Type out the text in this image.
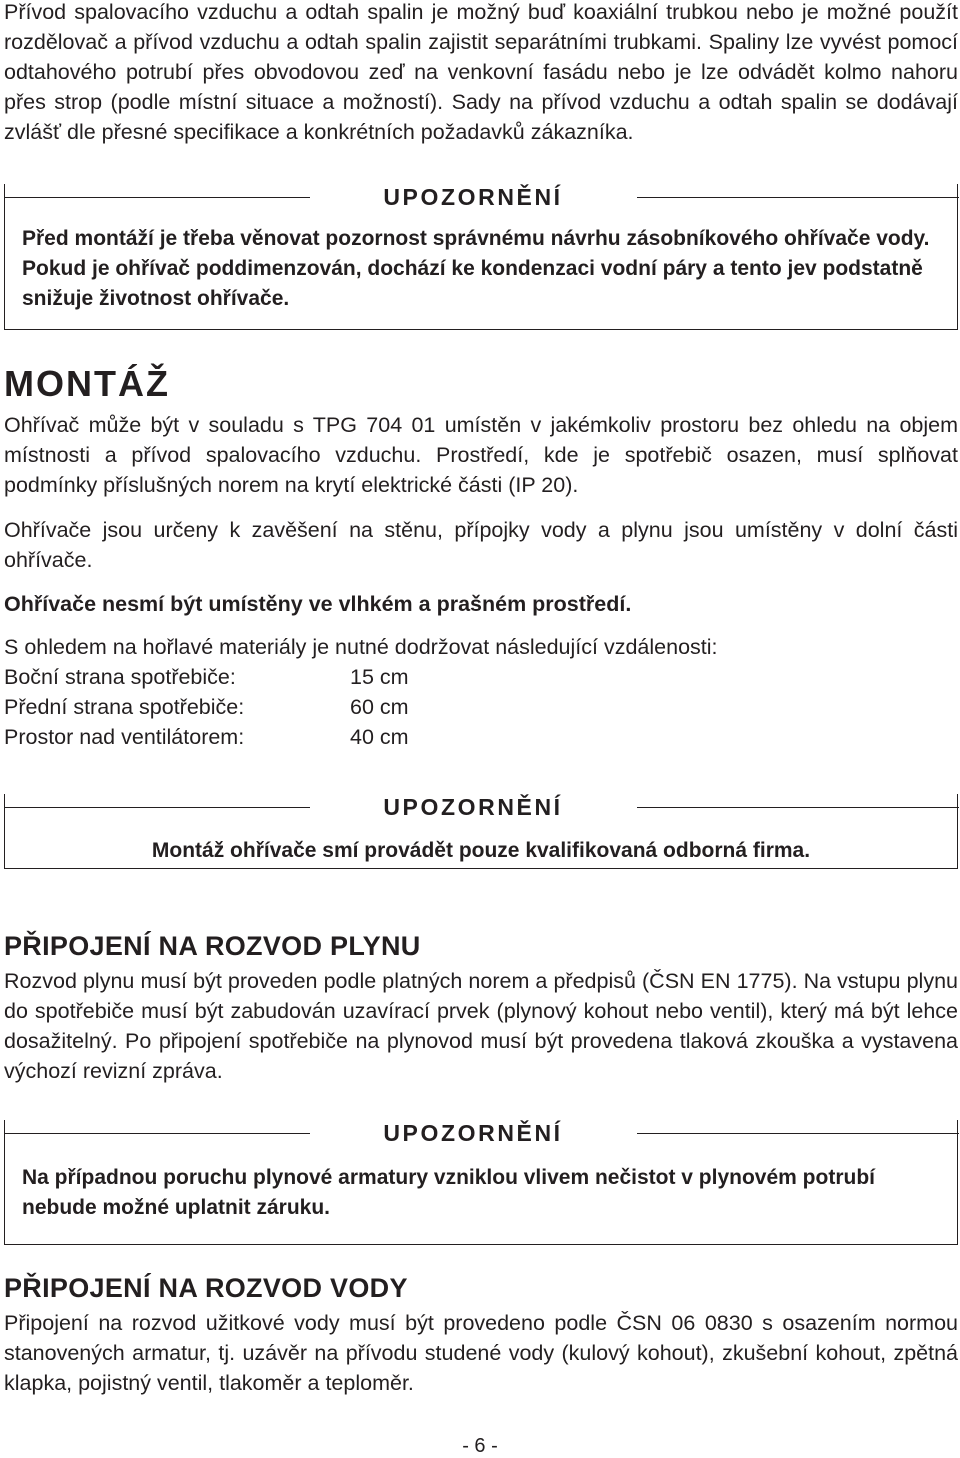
Přívod spalovacího vzduchu a odtah spalin je možný buď koaxiální trubkou nebo je možné použít rozdělovač a přívod vzduchu a odtah spalin zajistit separátními trubkami. Spaliny lze vyvést pomocí odtahového potrubí přes obvodovou zeď na venkovní fasádu nebo je lze odvádět kolmo nahoru přes strop (podle místní situace a možností). Sady na přívod vzduchu a odtah spalin se dodávají zvlášť dle přesné specifikace a konkrétních požadavků zákazníka.

UPOZORNĚNÍ

Před montáží je třeba věnovat pozornost správnému návrhu zásobníkového ohřívače vody. Pokud je ohřívač poddimenzován, dochází ke kondenzaci vodní páry a tento jev podstatně snižuje životnost ohřívače.

MONTÁŽ

Ohřívač může být v souladu s TPG 704 01 umístěn v jakémkoliv prostoru bez ohledu na objem místnosti a přívod spalovacího vzduchu. Prostředí, kde je spotřebič osazen, musí splňovat podmínky příslušných norem na krytí elektrické části (IP 20).

Ohřívače jsou určeny k zavěšení na stěnu, přípojky vody a plynu jsou umístěny v dolní části ohřívače.

Ohřívače nesmí být umístěny ve vlhkém a prašném prostředí.

S ohledem na hořlavé materiály je nutné dodržovat následující vzdálenosti:

Boční strana spotřebiče:	15 cm
Přední strana spotřebiče:	60 cm
Prostor nad ventilátorem:	40 cm
UPOZORNĚNÍ

Montáž ohřívače smí provádět pouze kvalifikovaná odborná firma.

PŘIPOJENÍ NA ROZVOD PLYNU

Rozvod plynu musí být proveden podle platných norem a předpisů (ČSN EN 1775). Na vstupu plynu do spotřebiče musí být zabudován uzavírací prvek (plynový kohout nebo ventil), který má být lehce dosažitelný. Po připojení spotřebiče na plynovod musí být provedena tlaková zkouška a vystavena výchozí revizní zpráva.

UPOZORNĚNÍ

Na případnou poruchu plynové armatury vzniklou vlivem nečistot v plynovém potrubí nebude možné uplatnit záruku.

PŘIPOJENÍ NA ROZVOD VODY

Připojení na rozvod užitkové vody musí být provedeno podle ČSN 06 0830 s osazením normou stanovených armatur, tj. uzávěr na přívodu studené vody (kulový kohout), zkušební kohout, zpětná klapka, pojistný ventil, tlakoměr a teploměr.

- 6 -
